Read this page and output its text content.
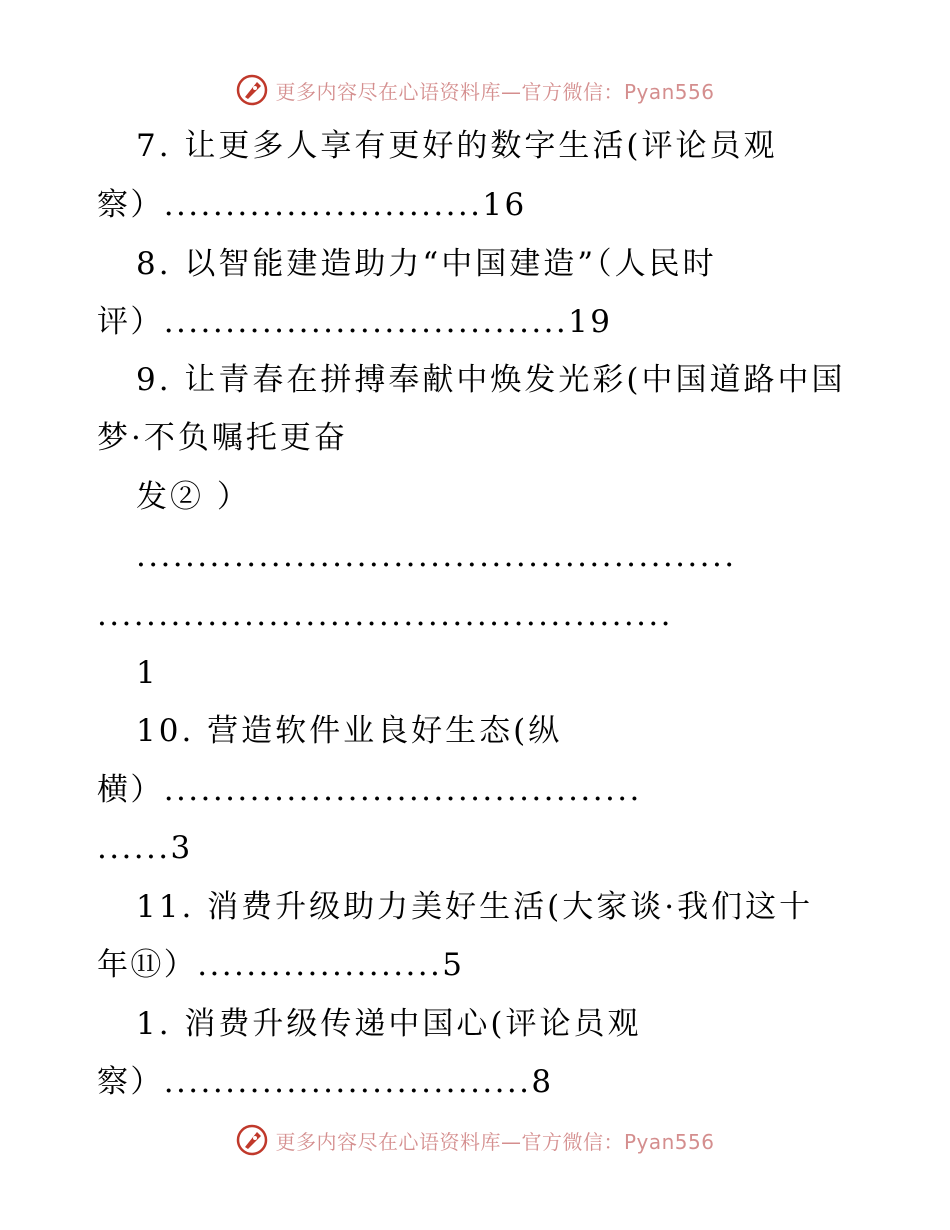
更多内容尽在心语资料库—官方微信：Pyan556
7. 让更多人享有更好的数字生活(评论员观
察）..........................16
8. 以智能建造助力“中国建造”（人民时
评）.................................19
9. 让青春在拼搏奉献中焕发光彩(中国道路中国
梦·不负嘱托更奋
发② ）
.................................................
...............................................
1
10. 营造软件业良好生态(纵
横）.......................................
......3
11. 消费升级助力美好生活(大家谈·我们这十
年⑪）....................5
1. 消费升级传递中国心(评论员观
察）..............................8
更多内容尽在心语资料库—官方微信：Pyan556
